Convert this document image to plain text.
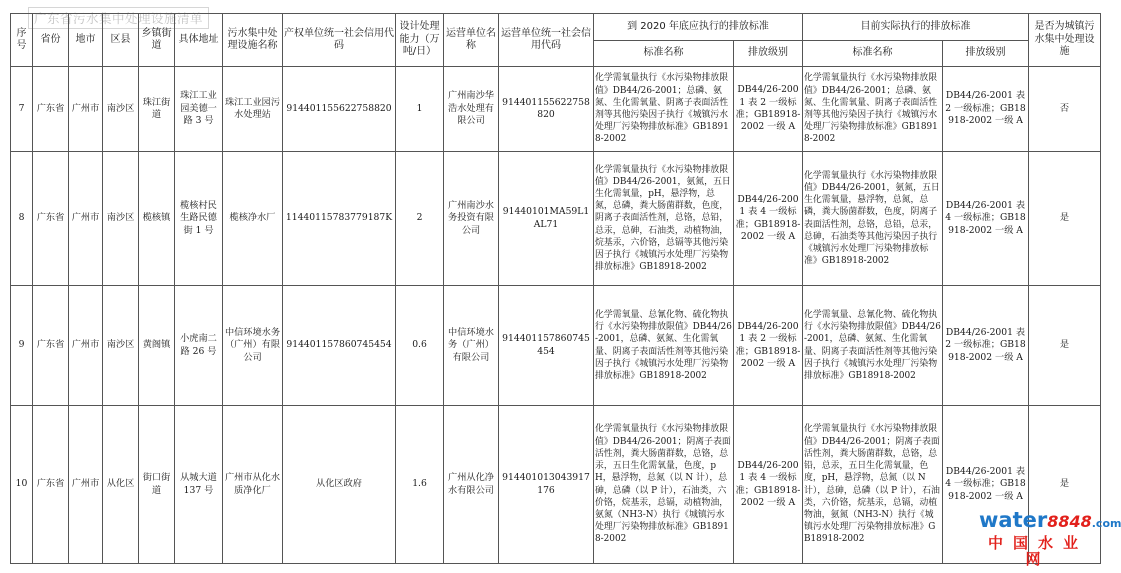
广东省污水集中处理设施清单
序号	省份	地市	区县	乡镇街道	具体地址	污水集中处理设施名称	产权单位统一社会信用代码	设计处理能力（万吨/日）	运营单位名称	运营单位统一社会信用代码	到 2020 年底应执行的排放标准		目前实际执行的排放标准		是否为城镇污水集中处理设施
											标准名称	排放级别	标准名称	排放级别	
7	广东省	广州市	南沙区	珠江街道	珠江工业园美德一路 3 号	珠江工业园污水处理站	914401155622758820	1	广州南沙华浩水处理有限公司	914401155622758820	化学需氧量执行《水污染物排放限值》DB44/26-2001；总磷、氨氮、生化需氧量、阴离子表面活性剂等其他污染因子执行《城镇污水处理厂污染物排放标准》GB18918-2002	DB44/26-2001 表 2 一级标准；GB18918-2002 一级 A	化学需氧量执行《水污染物排放限值》DB44/26-2001；总磷、氨氮、生化需氧量、阴离子表面活性剂等其他污染因子执行《城镇污水处理厂污染物排放标准》GB18918-2002	DB44/26-2001 表 2 一级标准；GB18918-2002 一级 A	否
8	广东省	广州市	南沙区	榄核镇	榄核村民生路民德街 1 号	榄核净水厂	11440115783779187K	2	广州南沙水务投资有限公司	91440101MA59L1AL71	化学需氧量执行《水污染物排放限值》DB44/26-2001，氨氮，五日生化需氧量，pH，悬浮物，总氮，总磷，粪大肠菌群数，色度，阴离子表面活性剂，总铬，总铅，总汞，总砷，石油类，动植物油，烷基汞，六价铬，总镉等其他污染因子执行《城镇污水处理厂污染物排放标准》GB18918-2002	DB44/26-2001 表 4 一级标准；GB18918-2002 一级 A	化学需氧量执行《水污染物排放限值》DB44/26-2001，氨氮，五日生化需氧量，悬浮物，总氮，总磷，粪大肠菌群数，色度，阴离子表面活性剂，总铬，总铅，总汞，总砷，石油类等其他污染因子执行《城镇污水处理厂污染物排放标准》GB18918-2002	DB44/26-2001 表 4 一级标准；GB18918-2002 一级 A	是
9	广东省	广州市	南沙区	黄阁镇	小虎南二路 26 号	中信环境水务（广州）有限公司	914401157860745454	0.6	中信环境水务（广州）有限公司	914401157860745454	化学需氧量、总氰化物、硫化物执行《水污染物排放限值》DB44/26-2001，总磷、氨氮、生化需氧量、阴离子表面活性剂等其他污染因子执行《城镇污水处理厂污染物排放标准》GB18918-2002	DB44/26-2001 表 2 一级标准；GB18918-2002 一级 A	化学需氧量、总氰化物、硫化物执行《水污染物排放限值》DB44/26-2001，总磷、氨氮、生化需氧量、阴离子表面活性剂等其他污染因子执行《城镇污水处理厂污染物排放标准》GB18918-2002	DB44/26-2001 表 2 一级标准；GB18918-2002 一级 A	是
10	广东省	广州市	从化区	街口街道	从城大道 137 号	广州市从化水质净化厂	从化区政府	1.6	广州从化净水有限公司	914401013043917176	化学需氧量执行《水污染物排放限值》DB44/26-2001；阴离子表面活性剂，粪大肠菌群数，总铬，总汞，五日生化需氧量，色度，pH，悬浮物，总氮（以 N 计），总砷，总磷（以 P 计），石油类，六价铬，烷基汞，总镉，动植物油，氨氮（NH3-N）执行《城镇污水处理厂污染物排放标准》GB18918-2002	DB44/26-2001 表 4 一级标准；GB18918-2002 一级 A	化学需氧量执行《水污染物排放限值》DB44/26-2001；阴离子表面活性剂，粪大肠菌群数，总铬，总铅，总汞，五日生化需氧量，色度，pH，悬浮物，总氮（以 N 计），总砷，总磷（以 P 计），石油类，六价铬，烷基汞，总镉，动植物油，氨氮（NH3-N）执行《城镇污水处理厂污染物排放标准》GB18918-2002	DB44/26-2001 表 4 一级标准；GB18918-2002 一级 A	是
water8848.com
中国水业网
